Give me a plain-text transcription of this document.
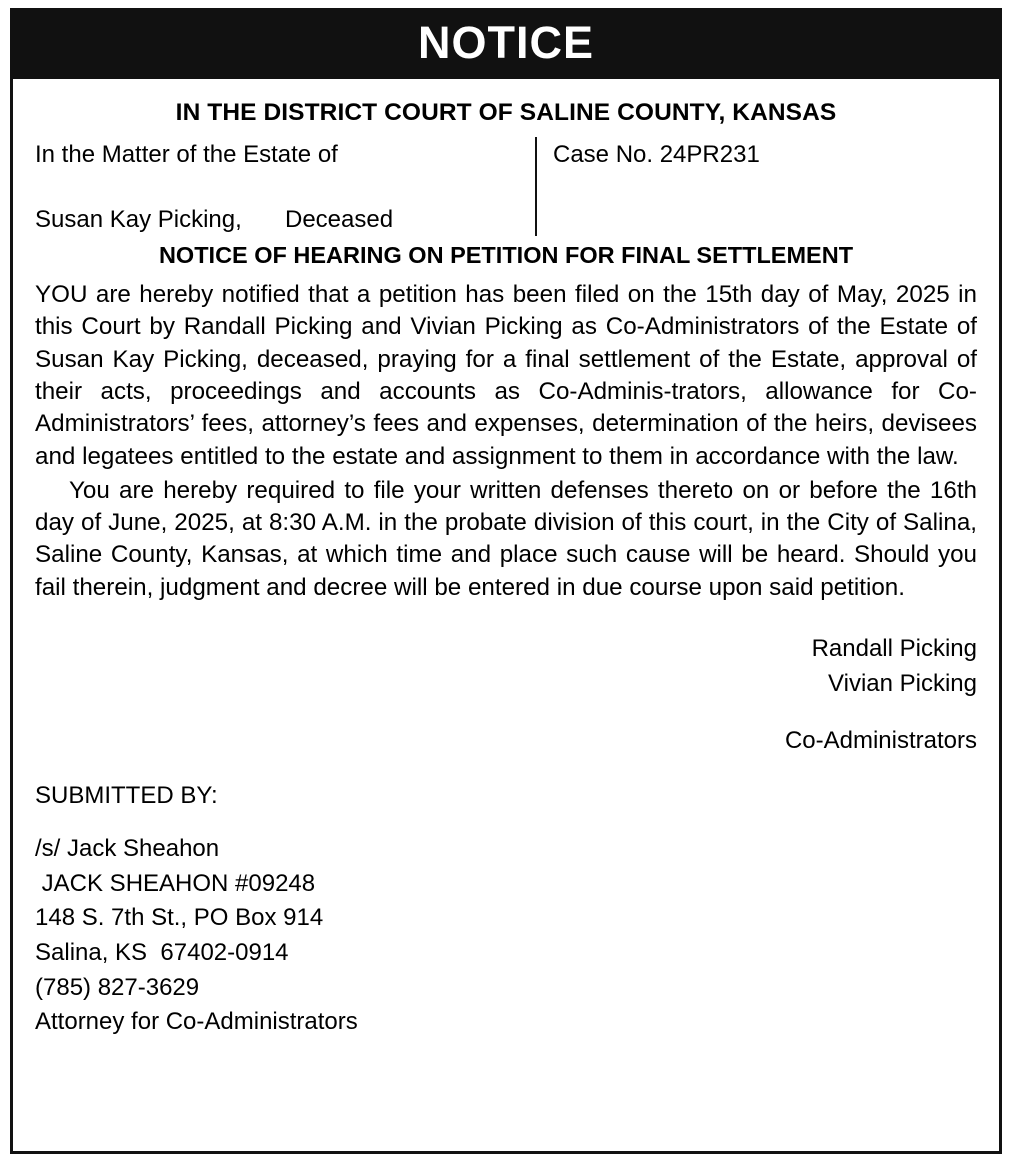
NOTICE
IN THE DISTRICT COURT OF SALINE COUNTY, KANSAS
In the Matter of the Estate of
Susan Kay Picking,	Deceased
Case No. 24PR231
NOTICE OF HEARING ON PETITION FOR FINAL SETTLEMENT

YOU are hereby notified that a petition has been filed on the 15th day of May, 2025 in this Court by Randall Picking and Vivian Picking as Co-Administrators of the Estate of Susan Kay Picking, deceased, praying for a final settlement of the Estate, approval of their acts, proceedings and accounts as Co-Adminis-trators, allowance for Co- Administrators’ fees, attorney’s fees and expenses, determination of the heirs, devisees and legatees entitled to the estate and assignment to them in accordance with the law.

You are hereby required to file your written defenses thereto on or before the 16th day of June, 2025, at 8:30 A.M. in the probate division of this court, in the City of Salina, Saline County, Kansas, at which time and place such cause will be heard. Should you fail therein, judgment and decree will be entered in due course upon said petition.

Randall Picking
Vivian Picking
Co-Administrators
SUBMITTED BY:
/s/ Jack Sheahon
JACK SHEAHON #09248
148 S. 7th St., PO Box 914
Salina, KS  67402-0914
(785) 827-3629
Attorney for Co-Administrators
